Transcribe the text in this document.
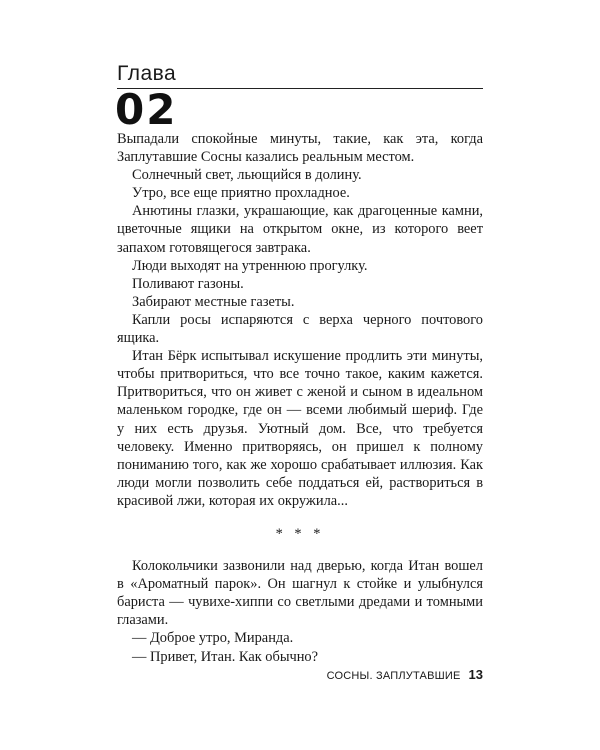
Глава
02

Выпадали спокойные минуты, такие, как эта, когда Заплутавшие Сосны казались реальным местом.

Солнечный свет, льющийся в долину.

Утро, все еще приятно прохладное.

Анютины глазки, украшающие, как драгоценные камни, цветочные ящики на открытом окне, из которого веет запахом готовящегося завтрака.

Люди выходят на утреннюю прогулку.

Поливают газоны.

Забирают местные газеты.

Капли росы испаряются с верха черного почтового ящика.

Итан Бёрк испытывал искушение продлить эти минуты, чтобы притвориться, что все точно такое, каким кажется. Притвориться, что он живет с женой и сыном в идеальном маленьком городке, где он — всеми любимый шериф. Где у них есть друзья. Уютный дом. Все, что требуется человеку. Именно притворяясь, он пришел к полному пониманию того, как же хорошо срабатывает иллюзия. Как люди могли позволить себе поддаться ей, раствориться в красивой лжи, которая их окружила...

* * *

Колокольчики зазвонили над дверью, когда Итан вошел в «Ароматный парок». Он шагнул к стойке и улыбнулся бариста — чувихе-хиппи со светлыми дредами и томными глазами.

— Доброе утро, Миранда.

— Привет, Итан. Как обычно?

СОСНЫ. ЗАПЛУТАВШИЕ 13
